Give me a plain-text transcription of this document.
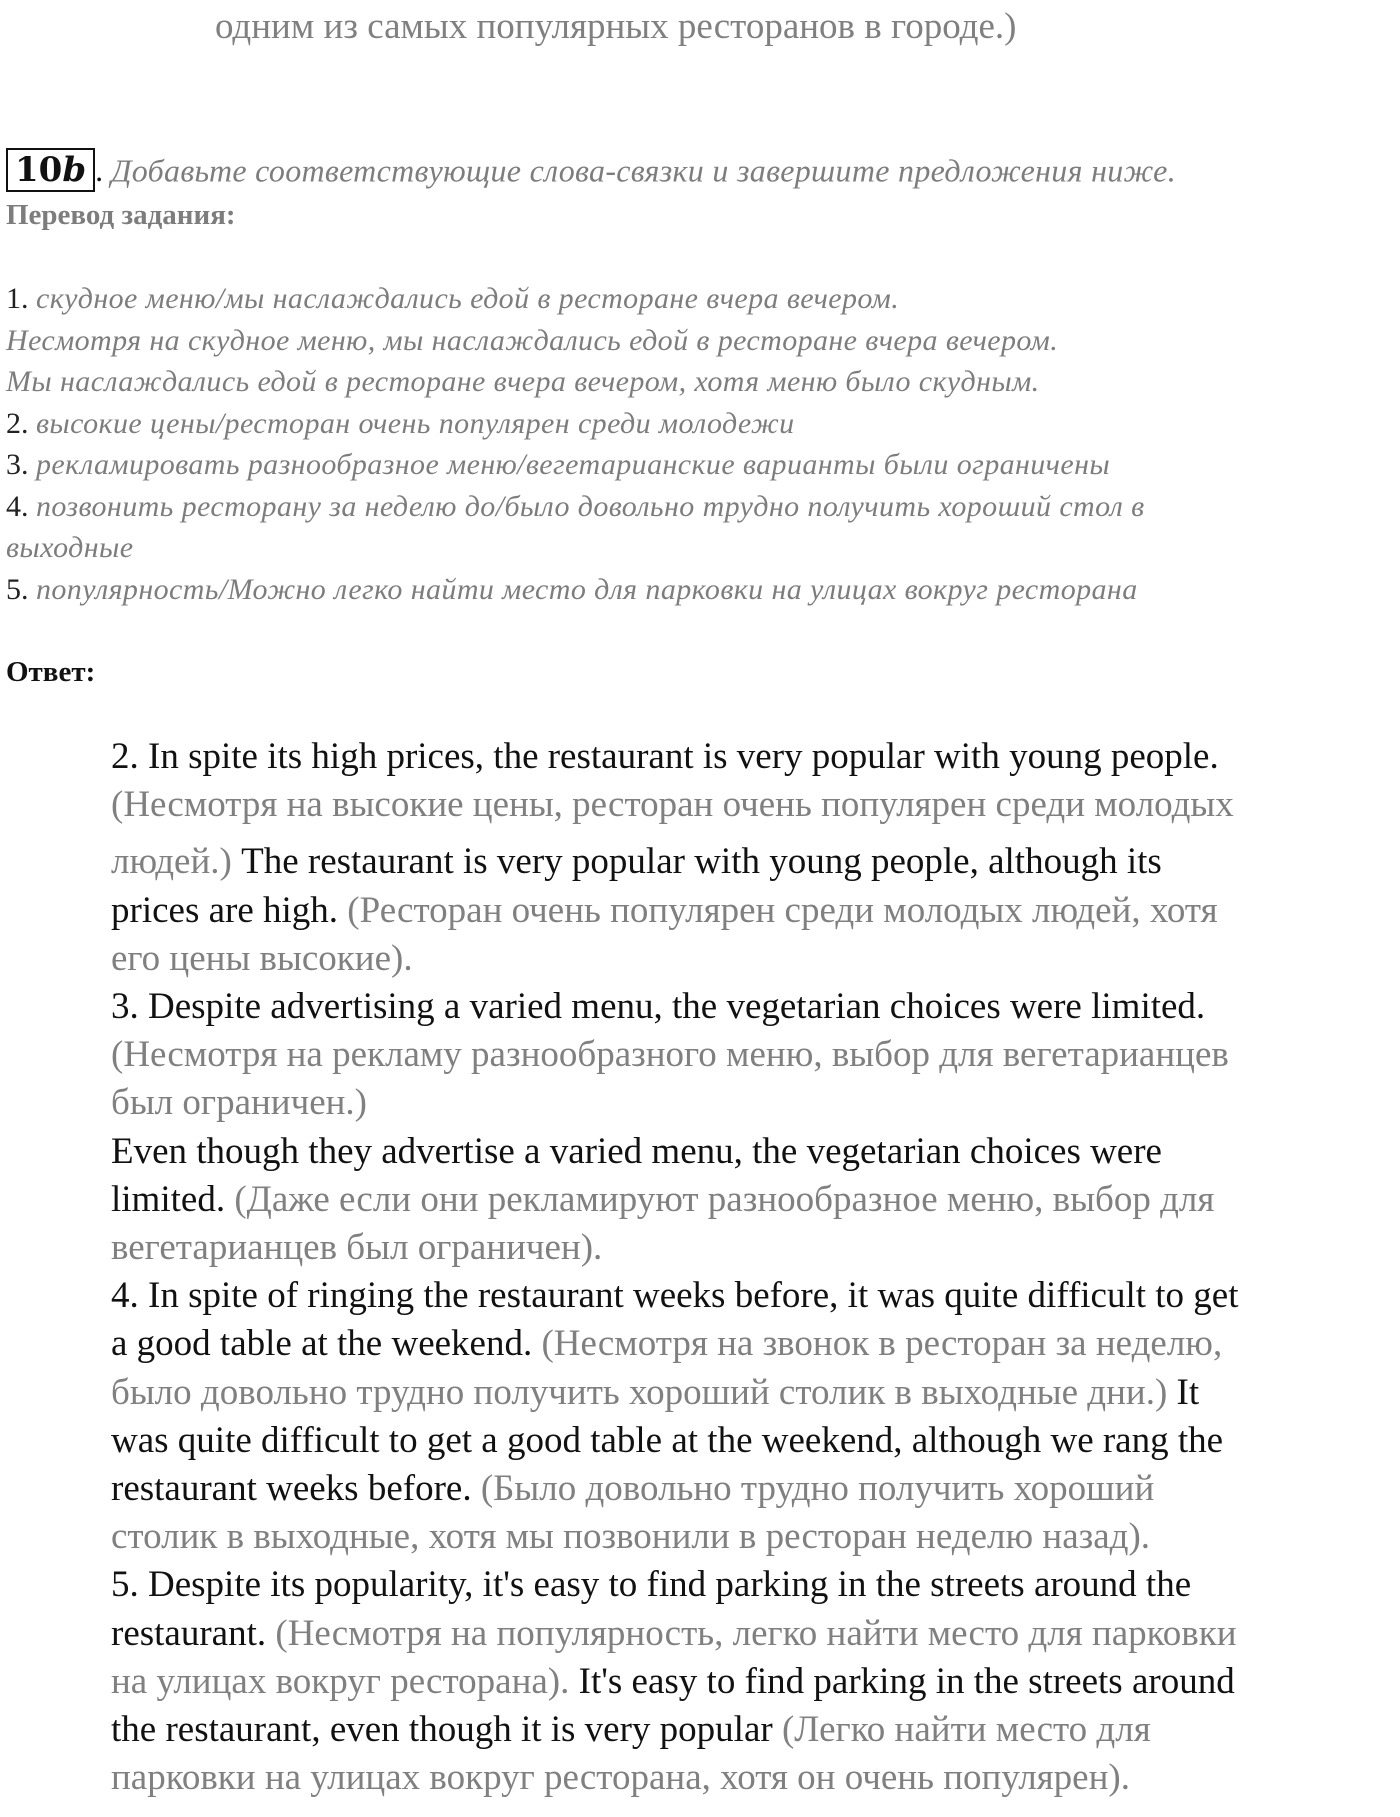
одним из самых популярных ресторанов в городе.)
10b . Добавьте соответствующие слова-связки и завершите предложения ниже.
Перевод задания:
1. скудное меню/мы наслаждались едой в ресторане вчера вечером.
Несмотря на скудное меню, мы наслаждались едой в ресторане вчера вечером.
Мы наслаждались едой в ресторане вчера вечером, хотя меню было скудным.
2. высокие цены/ресторан очень популярен среди молодежи
3. рекламировать разнообразное меню/вегетарианские варианты были ограничены
4. позвонить ресторану за неделю до/было довольно трудно получить хороший стол в
выходные
5. популярность/Можно легко найти место для парковки на улицах вокруг ресторана
Ответ:
2. In spite its high prices, the restaurant is very popular with young people.
(Несмотря на высокие цены, ресторан очень популярен среди молодых
людей.) The restaurant is very popular with young people, although its
prices are high. (Ресторан очень популярен среди молодых людей, хотя
его цены высокие).
3. Despite advertising a varied menu, the vegetarian choices were limited.
(Несмотря на рекламу разнообразного меню, выбор для вегетарианцев
был ограничен.)
Even though they advertise a varied menu, the vegetarian choices were
limited. (Даже если они рекламируют разнообразное меню, выбор для
вегетарианцев был ограничен).
4. In spite of ringing the restaurant weeks before, it was quite difficult to get
a good table at the weekend. (Несмотря на звонок в ресторан за неделю,
было довольно трудно получить хороший столик в выходные дни.) It
was quite difficult to get a good table at the weekend, although we rang the
restaurant weeks before. (Было довольно трудно получить хороший
столик в выходные, хотя мы позвонили в ресторан неделю назад).
5. Despite its popularity, it's easy to find parking in the streets around the
restaurant. (Несмотря на популярность, легко найти место для парковки
на улицах вокруг ресторана). It's easy to find parking in the streets around
the restaurant, even though it is very popular (Легко найти место для
парковки на улицах вокруг ресторана, хотя он очень популярен).
